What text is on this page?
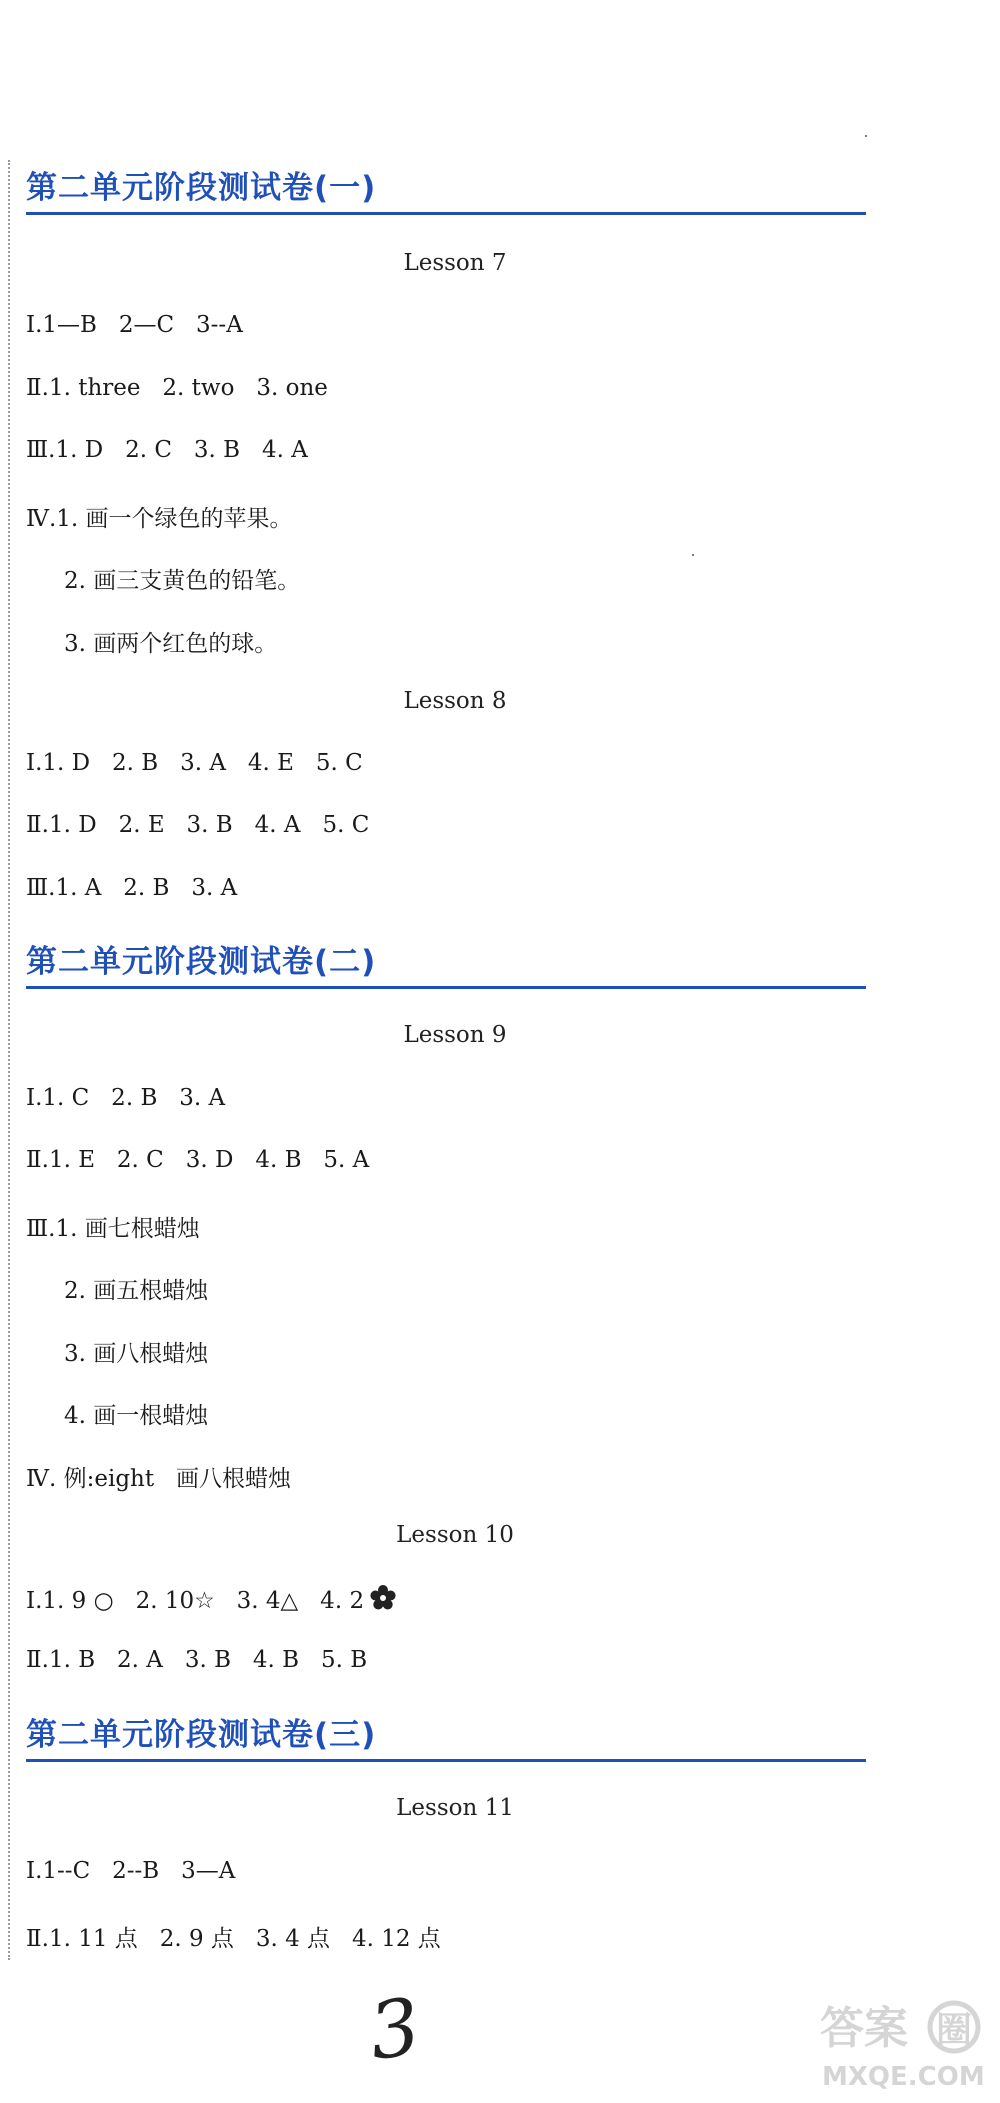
第二单元阶段测试卷(一)
Lesson 7
Ⅰ.1—B   2—C   3--A
Ⅱ.1. three   2. two   3. one
Ⅲ.1. D   2. C   3. B   4. A
Ⅳ.1. 画一个绿色的苹果。
2. 画三支黄色的铅笔。
3. 画两个红色的球。
Lesson 8
Ⅰ.1. D   2. B   3. A   4. E   5. C
Ⅱ.1. D   2. E   3. B   4. A   5. C
Ⅲ.1. A   2. B   3. A
第二单元阶段测试卷(二)
Lesson 9
Ⅰ.1. C   2. B   3. A
Ⅱ.1. E   2. C   3. D   4. B   5. A
Ⅲ.1. 画七根蜡烛
2. 画五根蜡烛
3. 画八根蜡烛
4. 画一根蜡烛
Ⅳ. 例:eight   画八根蜡烛
Lesson 10
Ⅰ.1. 9 ○   2. 10☆   3. 4△   4. 2
Ⅱ.1. B   2. A   3. B   4. B   5. B
第二单元阶段测试卷(三)
Lesson 11
Ⅰ.1--C   2--B   3—A
Ⅱ.1. 11 点   2. 9 点   3. 4 点   4. 12 点
3	答案 圈
MXQE.COM
